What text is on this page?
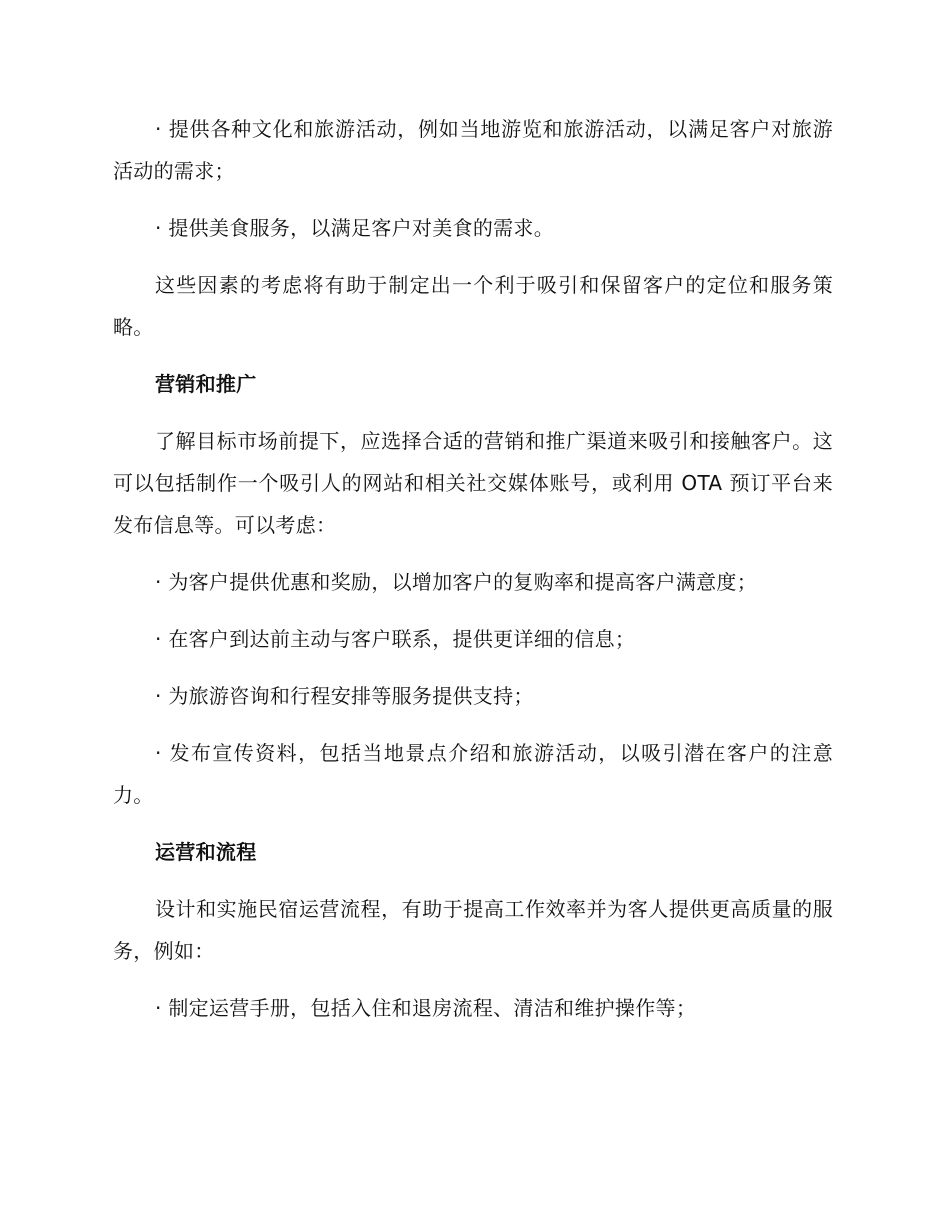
· 提供各种文化和旅游活动，例如当地游览和旅游活动，以满足客户对旅游活动的需求；

· 提供美食服务，以满足客户对美食的需求。

这些因素的考虑将有助于制定出一个利于吸引和保留客户的定位和服务策略。

营销和推广

了解目标市场前提下，应选择合适的营销和推广渠道来吸引和接触客户。这可以包括制作一个吸引人的网站和相关社交媒体账号，或利用 OTA 预订平台来发布信息等。可以考虑：

· 为客户提供优惠和奖励，以增加客户的复购率和提高客户满意度；

· 在客户到达前主动与客户联系，提供更详细的信息；

· 为旅游咨询和行程安排等服务提供支持；

· 发布宣传资料，包括当地景点介绍和旅游活动，以吸引潜在客户的注意力。

运营和流程

设计和实施民宿运营流程，有助于提高工作效率并为客人提供更高质量的服务，例如：

· 制定运营手册，包括入住和退房流程、清洁和维护操作等；
